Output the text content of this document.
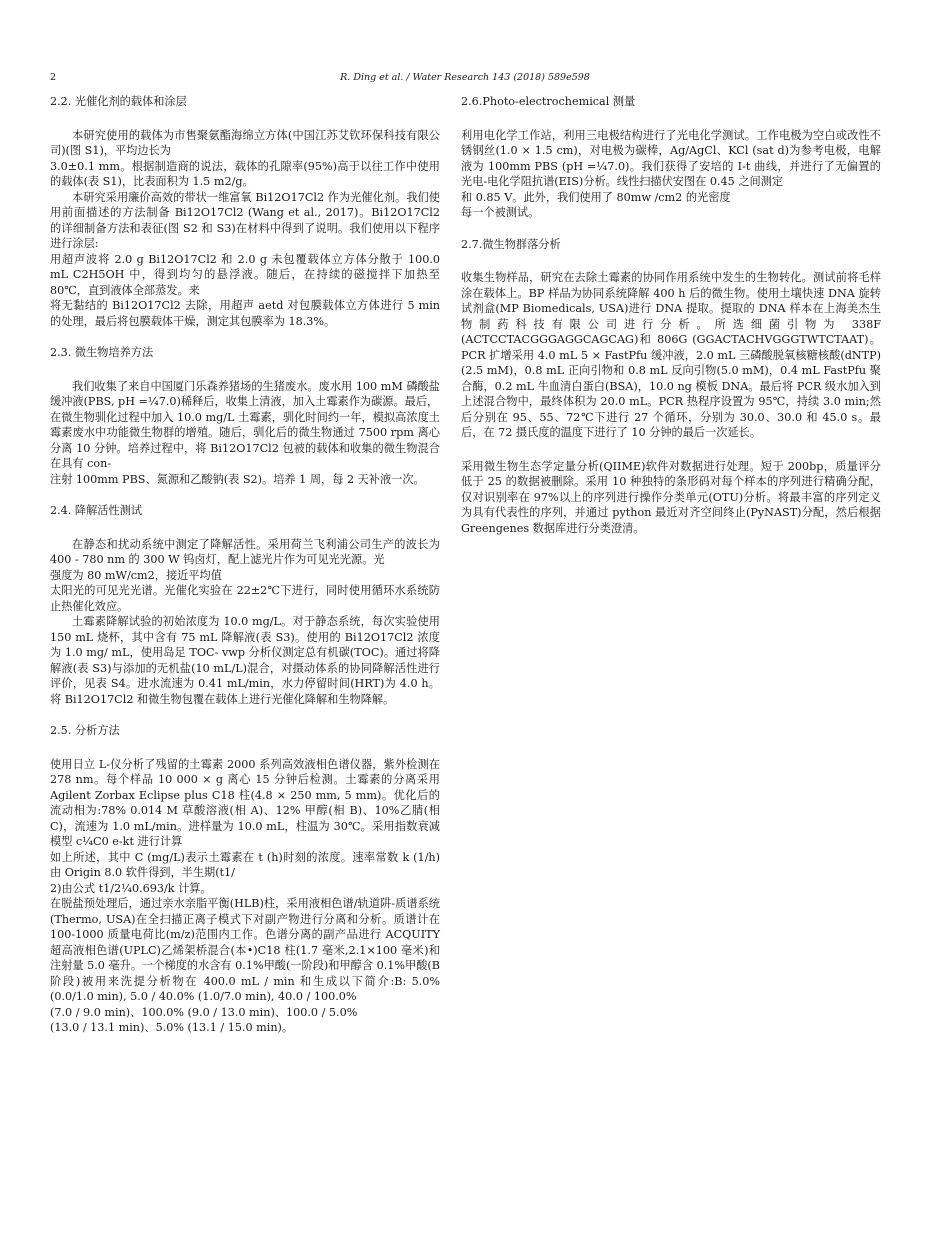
2	R. Ding et al. / Water Research 143 (2018) 589e598
2.2. 光催化剂的载体和涂层

本研究使用的载体为市售聚氨酯海绵立方体(中国江苏艾钦环保科技有限公司)(图 S1)，平均边长为

3.0±0.1 mm。根据制造商的说法，载体的孔隙率(95%)高于以往工作中使用的载体(表 S1)，比表面积为 1.5 m2/g。

本研究采用廉价高效的带状一维富氧 Bi12O17Cl2 作为光催化剂。我们使用前面描述的方法制备 Bi12O17Cl2 (Wang et al., 2017)。Bi12O17Cl2 的详细制备方法和表征(图 S2 和 S3)在材料中得到了说明。我们使用以下程序进行涂层:

用超声波将 2.0 g Bi12O17Cl2 和 2.0 g 未包覆载体立方体分散于 100.0 mL C2H5OH 中，得到均匀的悬浮液。随后，在持续的磁搅拌下加热至 80℃，直到液体全部蒸发。来

将无黏结的 Bi12O17Cl2 去除，用超声 aetd 对包膜载体立方体进行 5 min 的处理，最后将包膜载体干燥，测定其包膜率为 18.3%。

2.3. 微生物培养方法

我们收集了来自中国厦门乐森养猪场的生猪废水。废水用 100 mM 磷酸盐缓冲液(PBS, pH =¼7.0)稀释后，收集上清液，加入土霉素作为碳源。最后，

在微生物驯化过程中加入 10.0 mg/L 土霉素，驯化时间约一年，模拟高浓度土霉素废水中功能微生物群的增殖。随后，驯化后的微生物通过 7500 rpm 离心分离 10 分钟。培养过程中，将 Bi12O17Cl2 包被的载体和收集的微生物混合在具有 con-

注射 100mm PBS、氮源和乙酸钠(表 S2)。培养 1 周，每 2 天补液一次。

2.4. 降解活性测试

在静态和扰动系统中测定了降解活性。采用荷兰飞利浦公司生产的波长为 400 - 780 nm 的 300 W 钨卤灯，配上滤光片作为可见光光源。光

强度为 80 mW/cm2，接近平均值

太阳光的可见光光谱。光催化实验在 22±2℃下进行，同时使用循环水系统防止热催化效应。

土霉素降解试验的初始浓度为 10.0 mg/L。对于静态系统，每次实验使用 150 mL 烧杯，其中含有 75 mL 降解液(表 S3)。使用的 Bi12O17Cl2 浓度为 1.0 mg/ mL，使用岛足 TOC- vwp 分析仪测定总有机碳(TOC)。通过将降解液(表 S3)与添加的无机盐(10 mL/L)混合，对摄动体系的协同降解活性进行评价，见表 S4。进水流速为 0.41 mL/min，水力停留时间(HRT)为 4.0 h。将 Bi12O17Cl2 和微生物包覆在载体上进行光催化降解和生物降解。

2.5. 分析方法

使用日立 L-仪分析了残留的土霉素 2000 系列高效液相色谱仪器，紫外检测在 278 nm。每个样品 10 000 × g 离心 15 分钟后检测。土霉素的分离采用 Agilent Zorbax Eclipse plus C18 柱(4.8 × 250 mm, 5 mm)。优化后的流动相为:78% 0.014 M 草酸溶液(相 A)、12% 甲醇(相 B)、10%乙腈(相 C)，流速为 1.0 mL/min。进样量为 10.0 mL，柱温为 30℃。采用指数衰减模型 c¼C0 e-kt 进行计算

如上所述，其中 C (mg/L)表示土霉素在 t (h)时刻的浓度。速率常数 k (1/h)由 Origin 8.0 软件得到，半生期(t1/

2)由公式 t1/2¼0.693/k 计算。

在脱盐预处理后，通过亲水亲脂平衡(HLB)柱，采用液相色谱/轨道阱-质谱系统(Thermo, USA)在全扫描正离子模式下对副产物进行分离和分析。质谱计在 100-1000 质量电荷比(m/z)范围内工作。色谱分离的副产品进行 ACQUITY 超高液相色谱(UPLC)乙烯架桥混合(本•)C18 柱(1.7 毫米,2.1×100 毫米)和注射量 5.0 毫升。一个梯度的水含有 0.1%甲酸(一阶段)和甲醇含 0.1%甲酸(B 阶段)被用来洗提分析物在 400.0 mL / min 和生成以下简介:B: 5.0% (0.0/1.0 min), 5.0 / 40.0% (1.0/7.0 min), 40.0 / 100.0%

(7.0 / 9.0 min)、100.0% (9.0 / 13.0 min)、100.0 / 5.0%

(13.0 / 13.1 min)、5.0% (13.1 / 15.0 min)。

2.6.Photo-electrochemical 测量

利用电化学工作站，利用三电极结构进行了光电化学测试。工作电极为空白或改性不锈钢丝(1.0 × 1.5 cm)，对电极为碳棒，Ag/AgCl、KCl (sat d)为参考电极，电解液为 100mm PBS (pH =¼7.0)。我们获得了安培的 I-t 曲线，并进行了无偏置的光电-电化学阻抗谱(EIS)分析。线性扫描伏安图在 0.45 之间测定

和 0.85 V。此外，我们使用了 80mw /cm2 的光密度

每一个被测试。

2.7.微生物群落分析

收集生物样品，研究在去除土霉素的协同作用系统中发生的生物转化。测试前将毛样涂在载体上。BP 样品为协同系统降解 400 h 后的微生物。使用土壤快速 DNA 旋转试剂盒(MP Biomedicals, USA)进行 DNA 提取。提取的 DNA 样本在上海美杰生物制药科技有限公司进行分析。所选细菌引物为 338F (ACTCCTACGGGAGGCAGCAG)和 806G (GGACTACHVGGGTWTCTAAT)。PCR 扩增采用 4.0 mL 5 × FastPfu 缓冲液，2.0 mL 三磷酸脱氧核糖核酸(dNTP) (2.5 mM)，0.8 mL 正向引物和 0.8 mL 反向引物(5.0 mM)，0.4 mL FastPfu 聚合酶，0.2 mL 牛血清白蛋白(BSA)，10.0 ng 模板 DNA。最后将 PCR 级水加入到上述混合物中，最终体积为 20.0 mL。PCR 热程序设置为 95℃，持续 3.0 min;然后分别在 95、55、72℃下进行 27 个循环，分别为 30.0、30.0 和 45.0 s。最后，在 72 摄氏度的温度下进行了 10 分钟的最后一次延长。

采用微生物生态学定量分析(QIIME)软件对数据进行处理。短于 200bp，质量评分低于 25 的数据被删除。采用 10 种独特的条形码对每个样本的序列进行精确分配，仅对识别率在 97%以上的序列进行操作分类单元(OTU)分析。将最丰富的序列定义为具有代表性的序列，并通过 python 最近对齐空间终止(PyNAST)分配，然后根据 Greengenes 数据库进行分类澄清。
